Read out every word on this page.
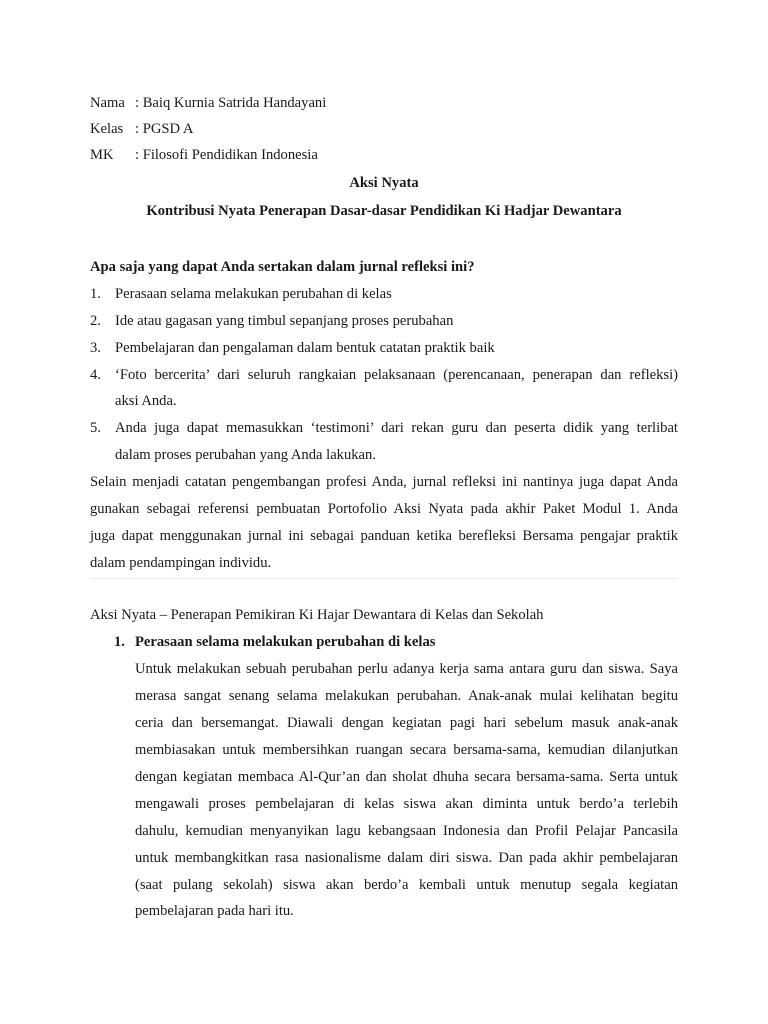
Nama : Baiq Kurnia Satrida Handayani
Kelas : PGSD A
MK : Filosofi Pendidikan Indonesia
Aksi Nyata
Kontribusi Nyata Penerapan Dasar-dasar Pendidikan Ki Hadjar Dewantara
Apa saja yang dapat Anda sertakan dalam jurnal refleksi ini?
1. Perasaan selama melakukan perubahan di kelas
2. Ide atau gagasan yang timbul sepanjang proses perubahan
3. Pembelajaran dan pengalaman dalam bentuk catatan praktik baik
4. ‘Foto bercerita’ dari seluruh rangkaian pelaksanaan (perencanaan, penerapan dan refleksi)
aksi Anda.
5. Anda juga dapat memasukkan ‘testimoni’ dari rekan guru dan peserta didik yang terlibat
dalam proses perubahan yang Anda lakukan.
Selain menjadi catatan pengembangan profesi Anda, jurnal refleksi ini nantinya juga dapat Anda
gunakan sebagai referensi pembuatan Portofolio Aksi Nyata pada akhir Paket Modul 1. Anda
juga dapat menggunakan jurnal ini sebagai panduan ketika berefleksi Bersama pengajar praktik
dalam pendampingan individu.
Aksi Nyata – Penerapan Pemikiran Ki Hajar Dewantara di Kelas dan Sekolah
1. Perasaan selama melakukan perubahan di kelas
Untuk melakukan sebuah perubahan perlu adanya kerja sama antara guru dan siswa. Saya
merasa sangat senang selama melakukan perubahan. Anak-anak mulai kelihatan begitu
ceria dan bersemangat. Diawali dengan kegiatan pagi hari sebelum masuk anak-anak
membiasakan untuk membersihkan ruangan secara bersama-sama, kemudian dilanjutkan
dengan kegiatan membaca Al-Qur’an dan sholat dhuha secara bersama-sama. Serta untuk
mengawali proses pembelajaran di kelas siswa akan diminta untuk berdo’a terlebih
dahulu, kemudian menyanyikan lagu kebangsaan Indonesia dan Profil Pelajar Pancasila
untuk membangkitkan rasa nasionalisme dalam diri siswa. Dan pada akhir pembelajaran
(saat pulang sekolah) siswa akan berdo’a kembali untuk menutup segala kegiatan
pembelajaran pada hari itu.
